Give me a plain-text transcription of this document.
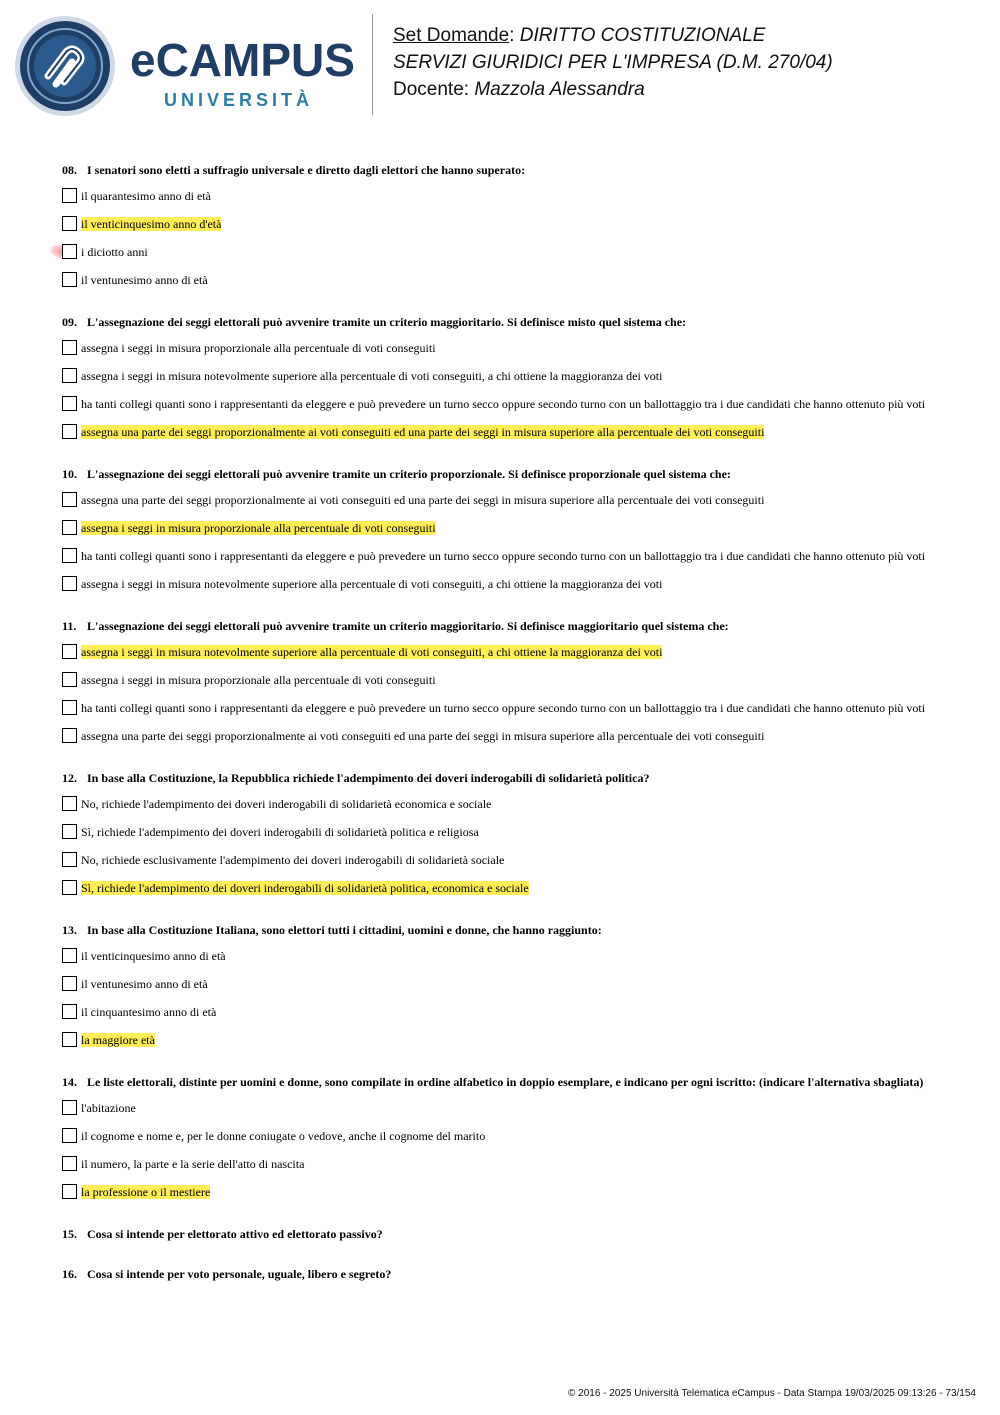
eCAMPUS
UNIVERSITÀ
Set Domande: DIRITTO COSTITUZIONALE
SERVIZI GIURIDICI PER L'IMPRESA (D.M. 270/04)
Docente: Mazzola Alessandra
08. I senatori sono eletti a suffragio universale e diretto dagli elettori che hanno superato:
il quarantesimo anno di età
il venticinquesimo anno d'età
i diciotto anni
il ventunesimo anno di età
09. L'assegnazione dei seggi elettorali può avvenire tramite un criterio maggioritario. Si definisce misto quel sistema che:
assegna i seggi in misura proporzionale alla percentuale di voti conseguiti
assegna i seggi in misura notevolmente superiore alla percentuale di voti conseguiti, a chi ottiene la maggioranza dei voti
ha tanti collegi quanti sono i rappresentanti da eleggere e può prevedere un turno secco oppure secondo turno con un ballottaggio tra i due candidati che hanno ottenuto più voti
assegna una parte dei seggi proporzionalmente ai voti conseguiti ed una parte dei seggi in misura superiore alla percentuale dei voti conseguiti
10. L'assegnazione dei seggi elettorali può avvenire tramite un criterio proporzionale. Si definisce proporzionale quel sistema che:
assegna una parte dei seggi proporzionalmente ai voti conseguiti ed una parte dei seggi in misura superiore alla percentuale dei voti conseguiti
assegna i seggi in misura proporzionale alla percentuale di voti conseguiti
ha tanti collegi quanti sono i rappresentanti da eleggere e può prevedere un turno secco oppure secondo turno con un ballottaggio tra i due candidati che hanno ottenuto più voti
assegna i seggi in misura notevolmente superiore alla percentuale di voti conseguiti, a chi ottiene la maggioranza dei voti
11. L'assegnazione dei seggi elettorali può avvenire tramite un criterio maggioritario. Si definisce maggioritario quel sistema che:
assegna i seggi in misura notevolmente superiore alla percentuale di voti conseguiti, a chi ottiene la maggioranza dei voti
assegna i seggi in misura proporzionale alla percentuale di voti conseguiti
ha tanti collegi quanti sono i rappresentanti da eleggere e può prevedere un turno secco oppure secondo turno con un ballottaggio tra i due candidati che hanno ottenuto più voti
assegna una parte dei seggi proporzionalmente ai voti conseguiti ed una parte dei seggi in misura superiore alla percentuale dei voti conseguiti
12. In base alla Costituzione, la Repubblica richiede l'adempimento dei doveri inderogabili di solidarietà politica?
No, richiede l'adempimento dei doveri inderogabili di solidarietà economica e sociale
Sì, richiede l'adempimento dei doveri inderogabili di solidarietà politica e religiosa
No, richiede esclusivamente l'adempimento dei doveri inderogabili di solidarietà sociale
Sì, richiede l'adempimento dei doveri inderogabili di solidarietà politica, economica e sociale
13. In base alla Costituzione Italiana, sono elettori tutti i cittadini, uomini e donne, che hanno raggiunto:
il venticinquesimo anno di età
il ventunesimo anno di età
il cinquantesimo anno di età
la maggiore età
14. Le liste elettorali, distinte per uomini e donne, sono compilate in ordine alfabetico in doppio esemplare, e indicano per ogni iscritto: (indicare l'alternativa sbagliata)
l'abitazione
il cognome e nome e, per le donne coniugate o vedove, anche il cognome del marito
il numero, la parte e la serie dell'atto di nascita
la professione o il mestiere
15. Cosa si intende per elettorato attivo ed elettorato passivo?
16. Cosa si intende per voto personale, uguale, libero e segreto?
© 2016 - 2025 Università Telematica eCampus - Data Stampa 19/03/2025 09:13:26 - 73/154
